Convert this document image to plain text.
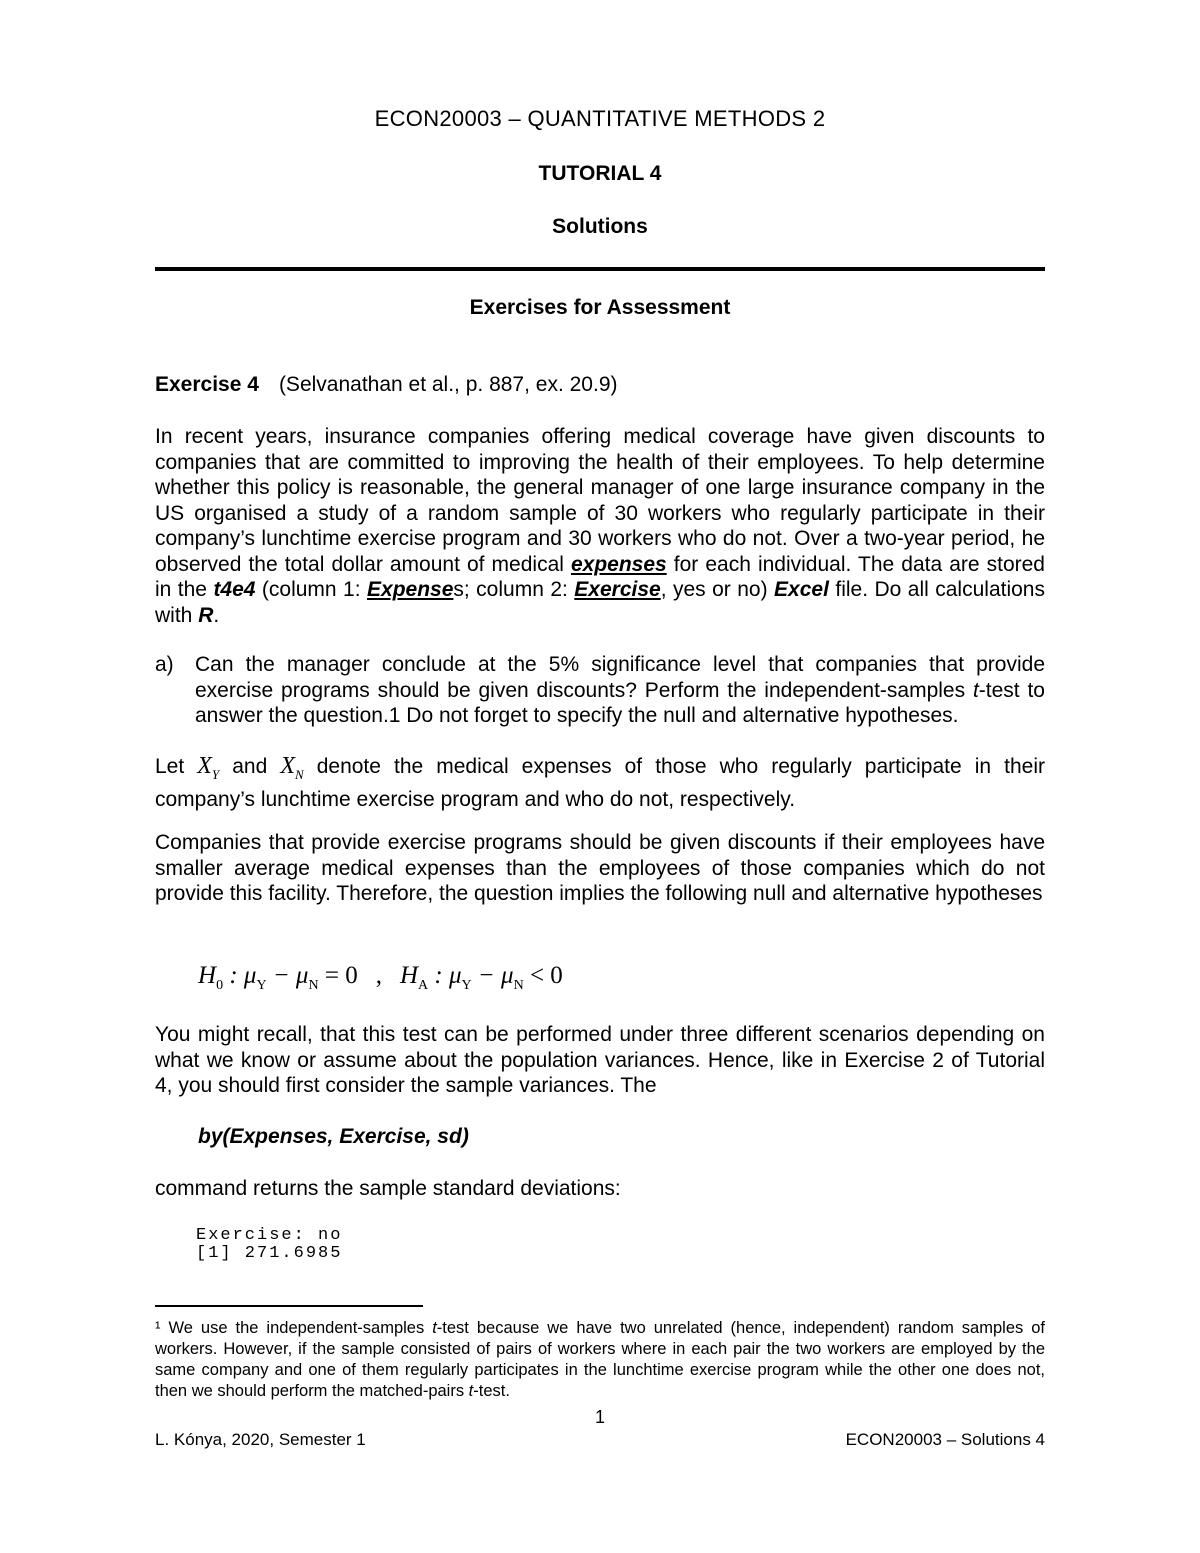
ECON20003 – QUANTITATIVE METHODS 2
TUTORIAL 4
Solutions
Exercises for Assessment
Exercise 4 (Selvanathan et al., p. 887, ex. 20.9)
In recent years, insurance companies offering medical coverage have given discounts to companies that are committed to improving the health of their employees. To help determine whether this policy is reasonable, the general manager of one large insurance company in the US organised a study of a random sample of 30 workers who regularly participate in their company’s lunchtime exercise program and 30 workers who do not. Over a two-year period, he observed the total dollar amount of medical expenses for each individual. The data are stored in the t4e4 (column 1: Expenses; column 2: Exercise, yes or no) Excel file. Do all calculations with R.
a) Can the manager conclude at the 5% significance level that companies that provide exercise programs should be given discounts? Perform the independent-samples t-test to answer the question.1 Do not forget to specify the null and alternative hypotheses.
Let $X_Y$ and $X_N$ denote the medical expenses of those who regularly participate in their company’s lunchtime exercise program and who do not, respectively.
Companies that provide exercise programs should be given discounts if their employees have smaller average medical expenses than the employees of those companies which do not provide this facility. Therefore, the question implies the following null and alternative hypotheses
$H_0$ : $\mu_Y - \mu_N = 0$ , $H_A$ : $\mu_Y - \mu_N < 0$
You might recall, that this test can be performed under three different scenarios depending on what we know or assume about the population variances. Hence, like in Exercise 2 of Tutorial 4, you should first consider the sample variances. The
by(Expenses, Exercise, sd)
command returns the sample standard deviations:
Exercise: no
[1] 271.6985
¹ We use the independent-samples t-test because we have two unrelated (hence, independent) random samples of workers. However, if the sample consisted of pairs of workers where in each pair the two workers are employed by the same company and one of them regularly participates in the lunchtime exercise program while the other one does not, then we should perform the matched-pairs t-test.
1
L. Kónya, 2020, Semester 1	ECON20003 – Solutions 4
